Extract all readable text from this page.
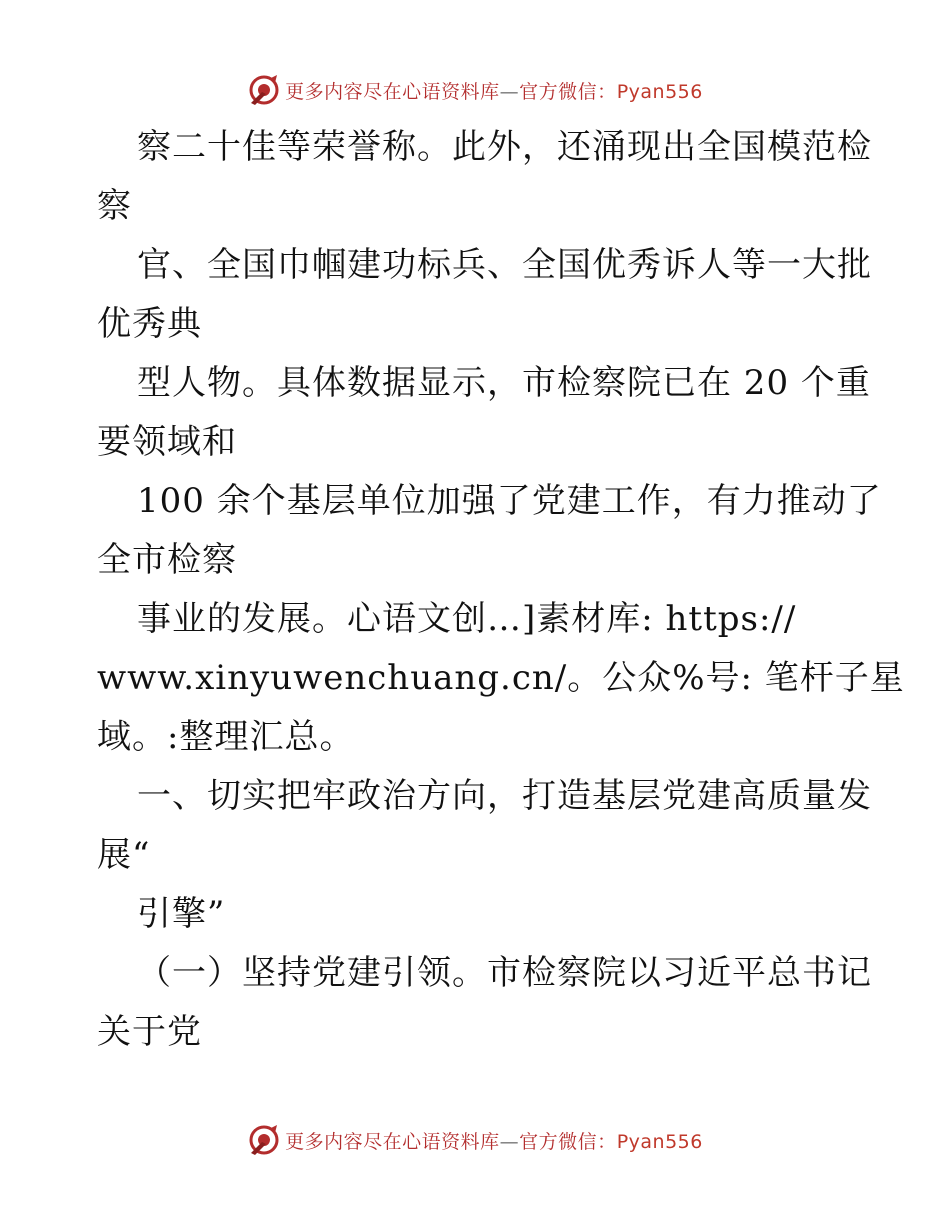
更多内容尽在心语资料库—官方微信：Pyan556
察二十佳等荣誉称。此外，还涌现出全国模范检
察
官、全国巾帼建功标兵、全国优秀诉人等一大批
优秀典
型人物。具体数据显示，市检察院已在 20 个重
要领域和
100 余个基层单位加强了党建工作，有力推动了
全市检察
事业的发展。心语文创…]素材库: https://
www.xinyuwenchuang.cn/。公众%号: 笔杆子星
域。:整理汇总。
一、切实把牢政治方向，打造基层党建高质量发
展“
引擎”
（一）坚持党建引领。市检察院以习近平总书记
关于党
更多内容尽在心语资料库—官方微信：Pyan556
